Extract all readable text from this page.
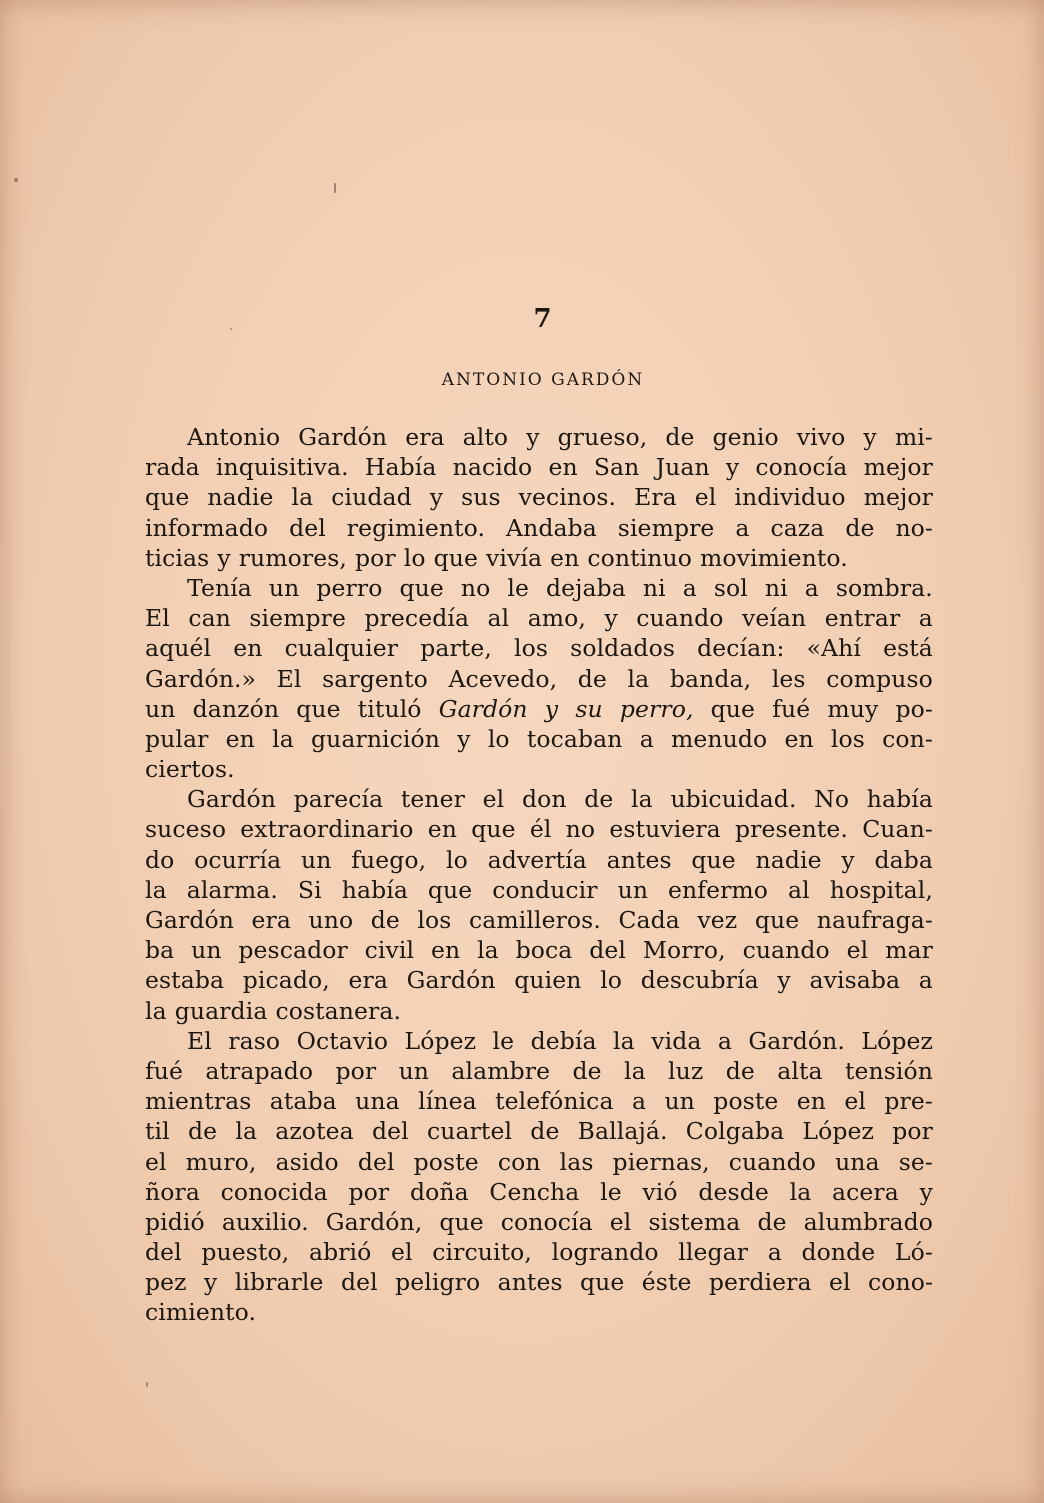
7
ANTONIO GARDÓN
Antonio Gardón era alto y grueso, de genio vivo y mi-
rada inquisitiva. Había nacido en San Juan y conocía mejor
que nadie la ciudad y sus vecinos. Era el individuo mejor
informado del regimiento. Andaba siempre a caza de no-
ticias y rumores, por lo que vivía en continuo movimiento.
Tenía un perro que no le dejaba ni a sol ni a sombra.
El can siempre precedía al amo, y cuando veían entrar a
aquél en cualquier parte, los soldados decían: «Ahí está
Gardón.» El sargento Acevedo, de la banda, les compuso
un danzón que tituló Gardón y su perro, que fué muy po-
pular en la guarnición y lo tocaban a menudo en los con-
ciertos.
Gardón parecía tener el don de la ubicuidad. No había
suceso extraordinario en que él no estuviera presente. Cuan-
do ocurría un fuego, lo advertía antes que nadie y daba
la alarma. Si había que conducir un enfermo al hospital,
Gardón era uno de los camilleros. Cada vez que naufraga-
ba un pescador civil en la boca del Morro, cuando el mar
estaba picado, era Gardón quien lo descubría y avisaba a
la guardia costanera.
El raso Octavio López le debía la vida a Gardón. López
fué atrapado por un alambre de la luz de alta tensión
mientras ataba una línea telefónica a un poste en el pre-
til de la azotea del cuartel de Ballajá. Colgaba López por
el muro, asido del poste con las piernas, cuando una se-
ñora conocida por doña Cencha le vió desde la acera y
pidió auxilio. Gardón, que conocía el sistema de alumbrado
del puesto, abrió el circuito, logrando llegar a donde Ló-
pez y librarle del peligro antes que éste perdiera el cono-
cimiento.
